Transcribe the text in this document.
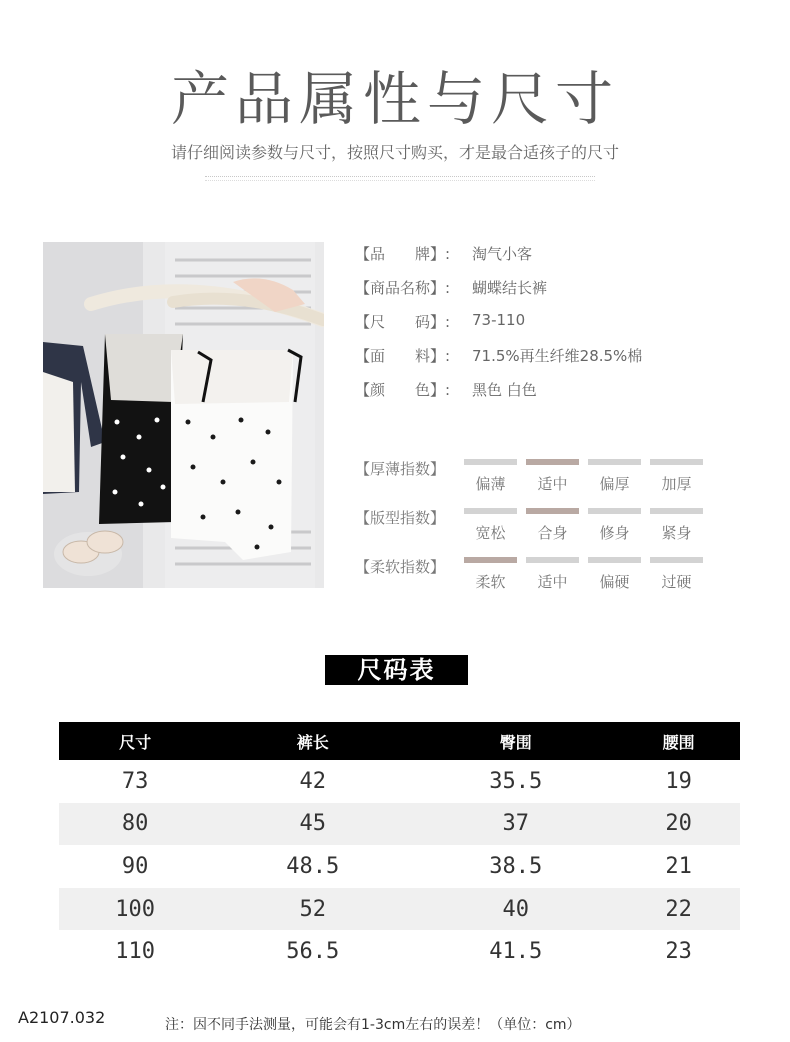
产品属性与尺寸
请仔细阅读参数与尺寸，按照尺寸购买，才是最合适孩子的尺寸
【品　　牌】: 淘气小客
【商品名称】: 蝴蝶结长裤
【尺　　码】: 73-110
【面　　料】: 71.5%再生纤维28.5%棉
【颜　　色】: 黑色 白色
【厚薄指数】
偏薄	适中	偏厚	加厚
【版型指数】
宽松	合身	修身	紧身
【柔软指数】
柔软	适中	偏硬	过硬
尺码表
尺寸	裤长	臀围	腰围
73	42	35.5	19
80	45	37	20
90	48.5	38.5	21
100	52	40	22
110	56.5	41.5	23
A2107.032	注：因不同手法测量，可能会有1-3cm左右的误差！（单位：cm）
